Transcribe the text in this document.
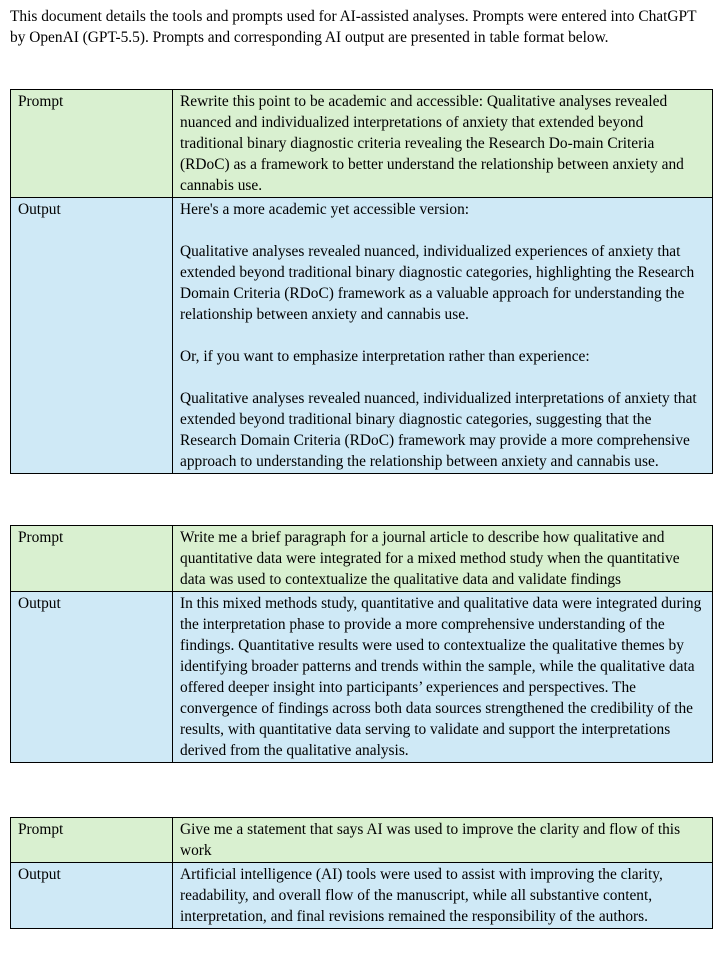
This document details the tools and prompts used for AI-assisted analyses. Prompts were entered into ChatGPT by OpenAI (GPT-5.5). Prompts and corresponding AI output are presented in table format below.
Prompt	Rewrite this point to be academic and accessible: Qualitative analyses revealed nuanced and individualized interpretations of anxiety that extended beyond traditional binary diagnostic criteria revealing the Research Do-main Criteria (RDoC) as a framework to better understand the relationship between anxiety and cannabis use.
Output	Here's a more academic yet accessible version:
Qualitative analyses revealed nuanced, individualized experiences of anxiety that extended beyond traditional binary diagnostic categories, highlighting the Research Domain Criteria (RDoC) framework as a valuable approach for understanding the relationship between anxiety and cannabis use.
Or, if you want to emphasize interpretation rather than experience:
Qualitative analyses revealed nuanced, individualized interpretations of anxiety that extended beyond traditional binary diagnostic categories, suggesting that the Research Domain Criteria (RDoC) framework may provide a more comprehensive approach to understanding the relationship between anxiety and cannabis use.
Prompt	Write me a brief paragraph for a journal article to describe how qualitative and quantitative data were integrated for a mixed method study when the quantitative data was used to contextualize the qualitative data and validate findings
Output	In this mixed methods study, quantitative and qualitative data were integrated during the interpretation phase to provide a more comprehensive understanding of the findings. Quantitative results were used to contextualize the qualitative themes by identifying broader patterns and trends within the sample, while the qualitative data offered deeper insight into participants’ experiences and perspectives. The convergence of findings across both data sources strengthened the credibility of the results, with quantitative data serving to validate and support the interpretations derived from the qualitative analysis.
Prompt	Give me a statement that says AI was used to improve the clarity and flow of this work
Output	Artificial intelligence (AI) tools were used to assist with improving the clarity, readability, and overall flow of the manuscript, while all substantive content, interpretation, and final revisions remained the responsibility of the authors.
